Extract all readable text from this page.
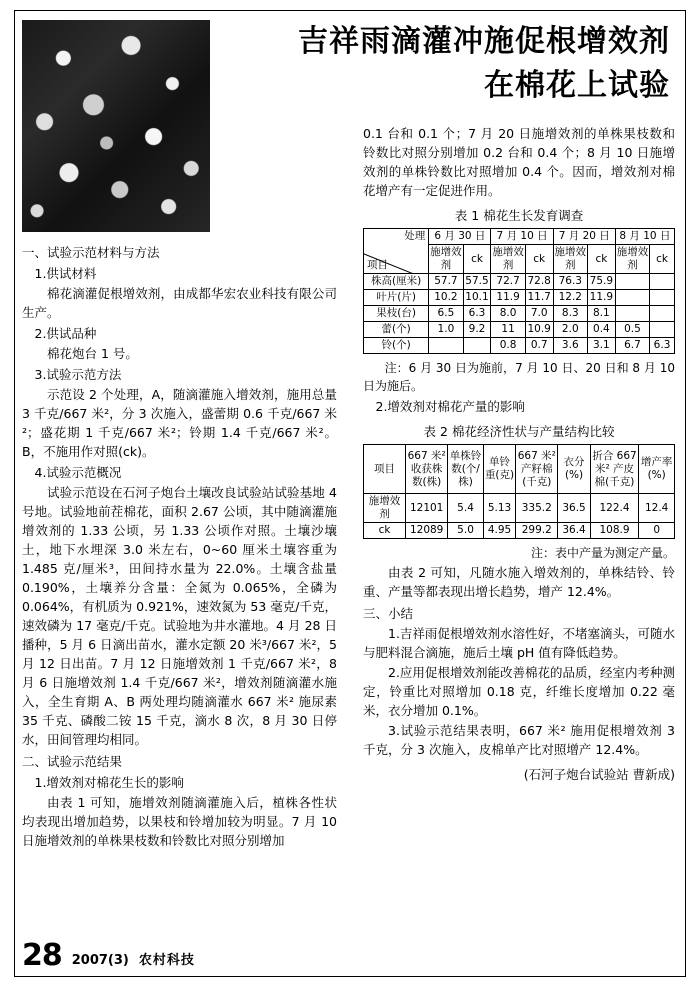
吉祥雨滴灌冲施促根增效剂
在棉花上试验

一、试验示范材料与方法

1.供试材料

棉花滴灌促根增效剂，由成都华宏农业科技有限公司生产。

2.供试品种

棉花炮台 1 号。

3.试验示范方法

示范设 2 个处理，A，随滴灌施入增效剂，施用总量 3 千克/667 米²，分 3 次施入，盛蕾期 0.6 千克/667 米²；盛花期 1 千克/667 米²；铃期 1.4 千克/667 米²。B，不施用作对照(ck)。

4.试验示范概况

试验示范设在石河子炮台土壤改良试验站试验基地 4 号地。试验地前茬棉花，面积 2.67 公顷，其中随滴灌施增效剂的 1.33 公顷，另 1.33 公顷作对照。土壤沙壤土，地下水埋深 3.0 米左右，0~60 厘米土壤容重为 1.485 克/厘米³，田间持水量为 22.0%。土壤含盐量 0.190%，土壤养分含量：全氮为 0.065%，全磷为 0.064%，有机质为 0.921%，速效氮为 53 毫克/千克，速效磷为 17 毫克/千克。试验地为井水灌地。4 月 28 日播种，5 月 6 日滴出苗水，灌水定额 20 米³/667 米²，5 月 12 日出苗。7 月 12 日施增效剂 1 千克/667 米²，8 月 6 日施增效剂 1.4 千克/667 米²，增效剂随滴灌水施入，全生育期 A、B 两处理均随滴灌水 667 米² 施尿素 35 千克、磷酸二铵 15 千克，滴水 8 次，8 月 30 日停水，田间管理均相同。

二、试验示范结果

1.增效剂对棉花生长的影响

由表 1 可知，施增效剂随滴灌施入后，植株各性状均表现出增加趋势，以果枝和铃增加较为明显。7 月 10 日施增效剂的单株果枝数和铃数比对照分别增加

0.1 台和 0.1 个；7 月 20 日施增效剂的单株果枝数和铃数比对照分别增加 0.2 台和 0.4 个；8 月 10 日施增效剂的单株铃数比对照增加 0.4 个。因而，增效剂对棉花增产有一定促进作用。

表 1 棉花生长发育调查

处理
项目	6 月 30 日		7 月 10 日		7 月 20 日		8 月 10 日	
	施增效剂	ck	施增效剂	ck	施增效剂	ck	施增效剂	ck
株高(厘米)	57.7	57.5	72.7	72.8	76.3	75.9		
叶片(片)	10.2	10.1	11.9	11.7	12.2	11.9		
果枝(台)	6.5	6.3	8.0	7.0	8.3	8.1		
蕾(个)	1.0	9.2	11	10.9	2.0	0.4	0.5	
铃(个)			0.8	0.7	3.6	3.1	6.7	6.3

注：6 月 30 日为施前，7 月 10 日、20 日和 8 月 10 日为施后。

2.增效剂对棉花产量的影响

表 2 棉花经济性状与产量结构比较

项目	667 米² 收获株数(株)	单株铃数(个/株)	单铃重(克)	667 米² 产籽棉(千克)	衣分(%)	折合 667 米² 产皮棉(千克)	增产率(%)
施增效剂	12101	5.4	5.13	335.2	36.5	122.4	12.4
ck	12089	5.0	4.95	299.2	36.4	108.9	0

注：表中产量为测定产量。

由表 2 可知，凡随水施入增效剂的，单株结铃、铃重、产量等都表现出增长趋势，增产 12.4%。

三、小结

1.吉祥雨促根增效剂水溶性好，不堵塞滴头，可随水与肥料混合滴施，施后土壤 pH 值有降低趋势。

2.应用促根增效剂能改善棉花的品质，经室内考种测定，铃重比对照增加 0.18 克，纤维长度增加 0.22 毫米，衣分增加 0.1%。

3.试验示范结果表明，667 米² 施用促根增效剂 3 千克，分 3 次施入，皮棉单产比对照增产 12.4%。

(石河子炮台试验站 曹新成)

28 2007(3) 农村科技
